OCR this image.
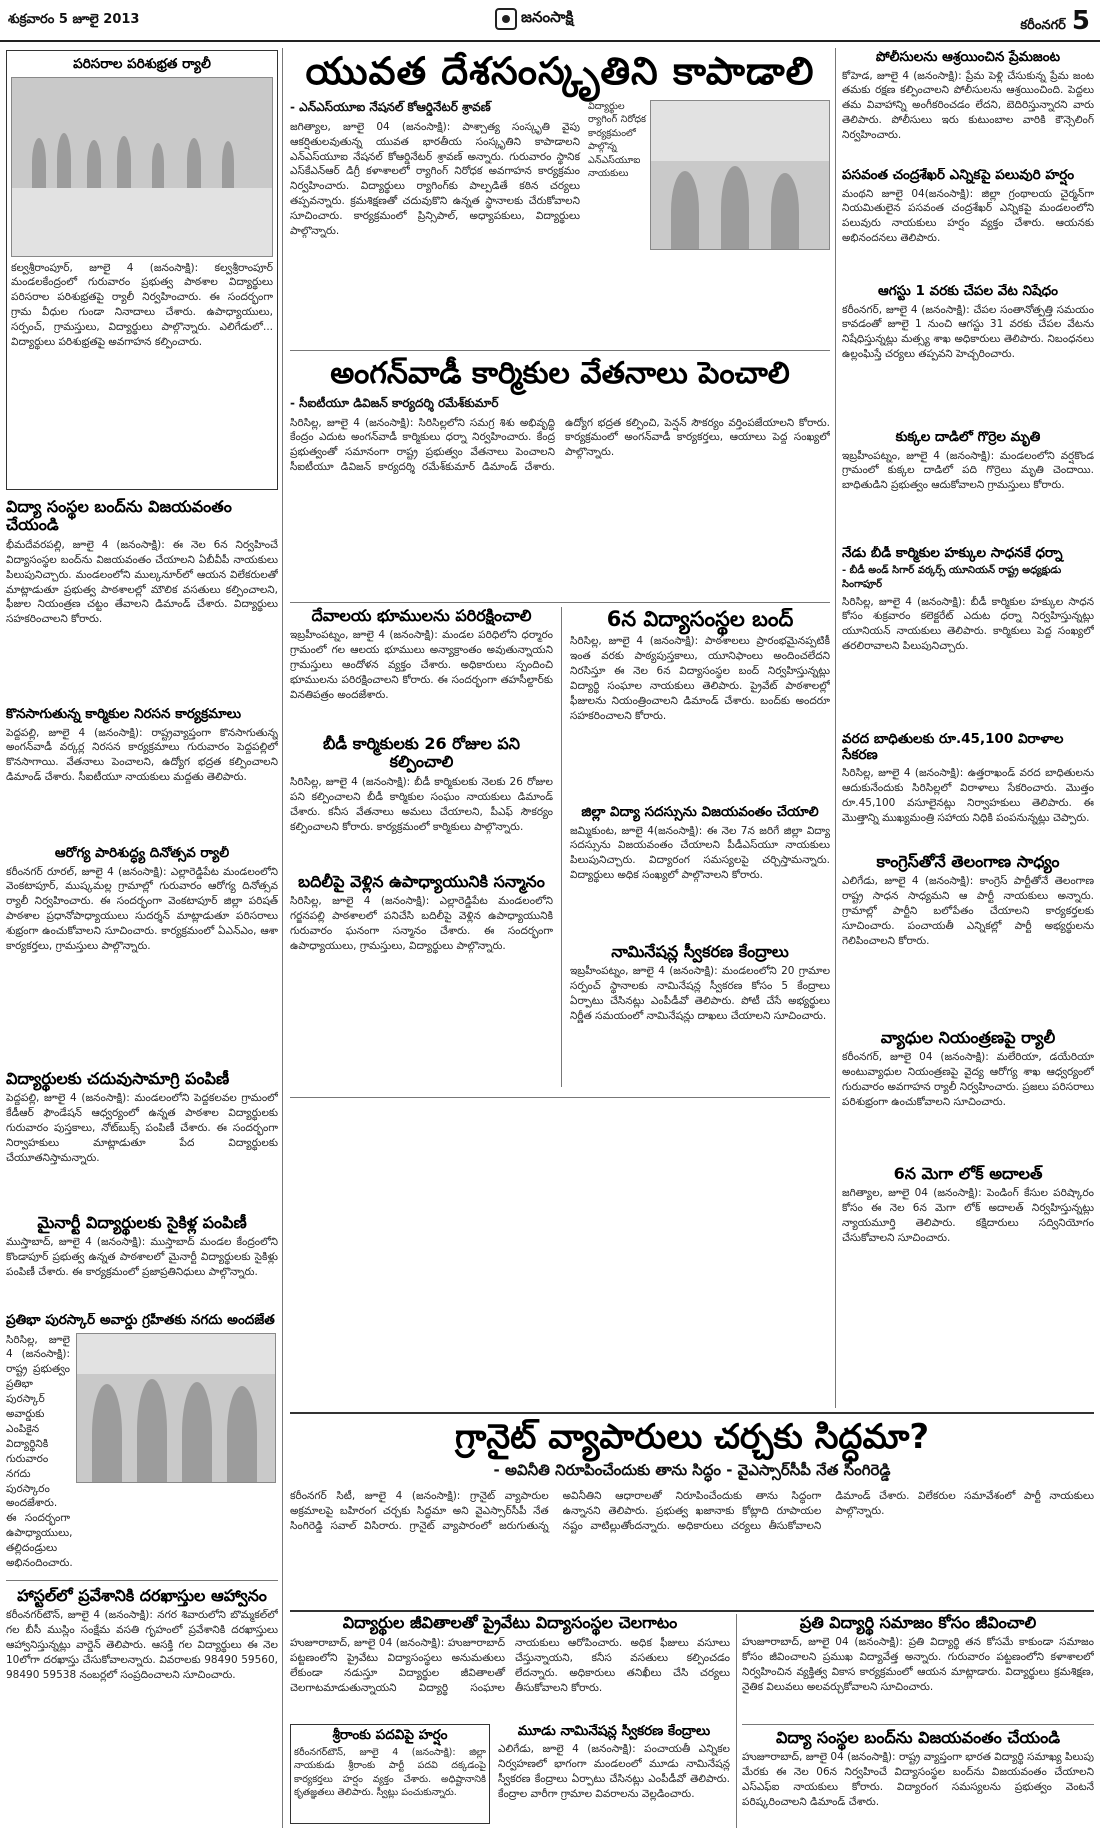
శుక్రవారం 5 జూలై 2013	జనంసాక్షి	కరీంనగర్ 5
పరిసరాల పరిశుభ్రత ర్యాలీ
కల్వశ్రీరాంపూర్, జూలై 4 (జనంసాక్షి): కల్వశ్రీరాంపూర్ మండలకేంద్రంలో గురువారం ప్రభుత్వ పాఠశాల విద్యార్థులు పరిసరాల పరిశుభ్రతపై ర్యాలీ నిర్వహించారు. ఈ సందర్భంగా గ్రామ వీధుల గుండా నినాదాలు చేశారు. ఉపాధ్యాయులు, సర్పంచ్, గ్రామస్తులు, విద్యార్థులు పాల్గొన్నారు. ఎలిగేడులో... విద్యార్థులు పరిశుభ్రతపై అవగాహన కల్పించారు.
విద్యా సంస్థల బంద్‌ను విజయవంతం చేయండి
భీమదేవరపల్లి, జూలై 4 (జనంసాక్షి): ఈ నెల 6న నిర్వహించే విద్యాసంస్థల బంద్‌ను విజయవంతం చేయాలని ఏబీవీపీ నాయకులు పిలుపునిచ్చారు. మండలంలోని ముల్కనూర్‌లో ఆయన విలేకరులతో మాట్లాడుతూ ప్రభుత్వ పాఠశాలల్లో మౌలిక వసతులు కల్పించాలని, ఫీజుల నియంత్రణ చట్టం తేవాలని డిమాండ్ చేశారు. విద్యార్థులు సహకరించాలని కోరారు.
కొనసాగుతున్న కార్మికుల నిరసన కార్యక్రమాలు
పెద్దపల్లి, జూలై 4 (జనంసాక్షి): రాష్ట్రవ్యాప్తంగా కొనసాగుతున్న అంగన్‌వాడీ వర్కర్ల నిరసన కార్యక్రమాలు గురువారం పెద్దపల్లిలో కొనసాగాయి. వేతనాలు పెంచాలని, ఉద్యోగ భద్రత కల్పించాలని డిమాండ్ చేశారు. సీఐటీయూ నాయకులు మద్దతు తెలిపారు.
ఆరోగ్య పారిశుద్ధ్య దినోత్సవ ర్యాలీ
కరీంనగర్ రూరల్, జూలై 4 (జనంసాక్షి): ఎల్లారెడ్డిపేట మండలంలోని వెంకటాపూర్, ముష్కమల్ల గ్రామాల్లో గురువారం ఆరోగ్య దినోత్సవ ర్యాలీ నిర్వహించారు. ఈ సందర్భంగా వెంకటాపూర్ జిల్లా పరిషత్ పాఠశాల ప్రధానోపాధ్యాయులు సుదర్శన్ మాట్లాడుతూ పరిసరాలు శుభ్రంగా ఉంచుకోవాలని సూచించారు. కార్యక్రమంలో ఏఎన్ఎం, ఆశా కార్యకర్తలు, గ్రామస్తులు పాల్గొన్నారు.
విద్యార్థులకు చదువుసామాగ్రి పంపిణీ
పెద్దపల్లి, జూలై 4 (జనంసాక్షి): మండలంలోని పెద్దకలవల గ్రామంలో కేడీఆర్ ఫౌండేషన్ ఆధ్వర్యంలో ఉన్నత పాఠశాల విద్యార్థులకు గురువారం పుస్తకాలు, నోట్‌బుక్స్ పంపిణీ చేశారు. ఈ సందర్భంగా నిర్వాహకులు మాట్లాడుతూ పేద విద్యార్థులకు చేయూతనిస్తామన్నారు.
మైనార్టీ విద్యార్థులకు సైకిళ్ల పంపిణీ
ముస్తాబాద్, జూలై 4 (జనంసాక్షి): ముస్తాబాద్ మండల కేంద్రంలోని కొండాపూర్ ప్రభుత్వ ఉన్నత పాఠశాలలో మైనార్టీ విద్యార్థులకు సైకిళ్లు పంపిణీ చేశారు. ఈ కార్యక్రమంలో ప్రజాప్రతినిధులు పాల్గొన్నారు.
ప్రతిభా పురస్కార్ అవార్డు గ్రహీతకు నగదు అందజేత
సిరిసిల్ల, జూలై 4 (జనంసాక్షి): రాష్ట్ర ప్రభుత్వం ప్రతిభా పురస్కార్ అవార్డుకు ఎంపికైన విద్యార్థినికి గురువారం నగదు పురస్కారం అందజేశారు. ఈ సందర్భంగా ఉపాధ్యాయులు, తల్లిదండ్రులు అభినందించారు.
హాస్టల్‌లో ప్రవేశానికి దరఖాస్తుల ఆహ్వానం
కరీంనగర్‌టౌన్, జూలై 4 (జనంసాక్షి): నగర శివారులోని బొమ్మకల్‌లో గల బీసీ ముస్లిం సంక్షేమ వసతి గృహంలో ప్రవేశానికి దరఖాస్తులు ఆహ్వానిస్తున్నట్లు వార్డెన్ తెలిపారు. ఆసక్తి గల విద్యార్థులు ఈ నెల 10లోగా దరఖాస్తు చేసుకోవాలన్నారు. వివరాలకు 98490 59560, 98490 59538 నంబర్లలో సంప్రదించాలని సూచించారు.
యువత దేశసంస్కృతిని కాపాడాలి
- ఎన్ఎస్‌యూఐ నేషనల్ కోఆర్డినేటర్ శ్రావణ్
జగిత్యాల, జూలై 04 (జనంసాక్షి): పాశ్చాత్య సంస్కృతి వైపు ఆకర్షితులవుతున్న యువత భారతీయ సంస్కృతిని కాపాడాలని ఎన్ఎస్‌యూఐ నేషనల్ కోఆర్డినేటర్ శ్రావణ్ అన్నారు. గురువారం స్థానిక ఎస్‌కేఎన్‌ఆర్ డిగ్రీ కళాశాలలో ర్యాగింగ్ నిరోధక అవగాహన కార్యక్రమం నిర్వహించారు. విద్యార్థులు ర్యాగింగ్‌కు పాల్పడితే కఠిన చర్యలు తప్పవన్నారు. క్రమశిక్షణతో చదువుకొని ఉన్నత స్థానాలకు చేరుకోవాలని సూచించారు. కార్యక్రమంలో ప్రిన్సిపాల్, అధ్యాపకులు, విద్యార్థులు పాల్గొన్నారు.
విద్యార్థుల ర్యాగింగ్ నిరోధక కార్యక్రమంలో పాల్గొన్న ఎన్ఎస్‌యూఐ నాయకులు
అంగన్‌వాడీ కార్మికుల వేతనాలు పెంచాలి
- సీఐటీయూ డివిజన్ కార్యదర్శి రమేశ్‌కుమార్
సిరిసిల్ల, జూలై 4 (జనంసాక్షి): సిరిసిల్లలోని సమగ్ర శిశు అభివృద్ధి కేంద్రం ఎదుట అంగన్‌వాడీ కార్మికులు ధర్నా నిర్వహించారు. కేంద్ర ప్రభుత్వంతో సమానంగా రాష్ట్ర ప్రభుత్వం వేతనాలు పెంచాలని సీఐటీయూ డివిజన్ కార్యదర్శి రమేశ్‌కుమార్ డిమాండ్ చేశారు. ఉద్యోగ భద్రత కల్పించి, పెన్షన్ సౌకర్యం వర్తింపజేయాలని కోరారు. కార్యక్రమంలో అంగన్‌వాడీ కార్యకర్తలు, ఆయాలు పెద్ద సంఖ్యలో పాల్గొన్నారు.
దేవాలయ భూములను పరిరక్షించాలి
ఇబ్రహీంపట్నం, జూలై 4 (జనంసాక్షి): మండల పరిధిలోని ధర్మారం గ్రామంలో గల ఆలయ భూములు అన్యాక్రాంతం అవుతున్నాయని గ్రామస్తులు ఆందోళన వ్యక్తం చేశారు. అధికారులు స్పందించి భూములను పరిరక్షించాలని కోరారు. ఈ సందర్భంగా తహసీల్దార్‌కు వినతిపత్రం అందజేశారు.
బీడీ కార్మికులకు 26 రోజుల పని కల్పించాలి
సిరిసిల్ల, జూలై 4 (జనంసాక్షి): బీడీ కార్మికులకు నెలకు 26 రోజుల పని కల్పించాలని బీడీ కార్మికుల సంఘం నాయకులు డిమాండ్ చేశారు. కనీస వేతనాలు అమలు చేయాలని, పీఎఫ్ సౌకర్యం కల్పించాలని కోరారు. కార్యక్రమంలో కార్మికులు పాల్గొన్నారు.
బదిలీపై వెళ్లిన ఉపాధ్యాయునికి సన్మానం
సిరిసిల్ల, జూలై 4 (జనంసాక్షి): ఎల్లారెడ్డిపేట మండలంలోని గర్జనపల్లి పాఠశాలలో పనిచేసి బదిలీపై వెళ్లిన ఉపాధ్యాయునికి గురువారం ఘనంగా సన్మానం చేశారు. ఈ సందర్భంగా ఉపాధ్యాయులు, గ్రామస్తులు, విద్యార్థులు పాల్గొన్నారు.
6న విద్యాసంస్థల బంద్
సిరిసిల్ల, జూలై 4 (జనంసాక్షి): పాఠశాలలు ప్రారంభమైనప్పటికీ ఇంత వరకు పాఠ్యపుస్తకాలు, యూనిఫాంలు అందించలేదని నిరసిస్తూ ఈ నెల 6న విద్యాసంస్థల బంద్ నిర్వహిస్తున్నట్లు విద్యార్థి సంఘాల నాయకులు తెలిపారు. ప్రైవేట్ పాఠశాలల్లో ఫీజులను నియంత్రించాలని డిమాండ్ చేశారు. బంద్‌కు అందరూ సహకరించాలని కోరారు.
జిల్లా విద్యా సదస్సును విజయవంతం చేయాలి
జమ్మికుంట, జూలై 4(జనంసాక్షి): ఈ నెల 7న జరిగే జిల్లా విద్యా సదస్సును విజయవంతం చేయాలని పీడీఎస్‌యూ నాయకులు పిలుపునిచ్చారు. విద్యారంగ సమస్యలపై చర్చిస్తామన్నారు. విద్యార్థులు అధిక సంఖ్యలో పాల్గొనాలని కోరారు.
నామినేషన్ల స్వీకరణ కేంద్రాలు
ఇబ్రహీంపట్నం, జూలై 4 (జనంసాక్షి): మండలంలోని 20 గ్రామాల సర్పంచ్ స్థానాలకు నామినేషన్ల స్వీకరణ కోసం 5 కేంద్రాలు ఏర్పాటు చేసినట్లు ఎంపీడీవో తెలిపారు. పోటీ చేసే అభ్యర్థులు నిర్ణీత సమయంలో నామినేషన్లు దాఖలు చేయాలని సూచించారు.
పోలీసులను ఆశ్రయించిన ప్రేమజంట
కోహెడ, జూలై 4 (జనంసాక్షి): ప్రేమ పెళ్లి చేసుకున్న ప్రేమ జంట తమకు రక్షణ కల్పించాలని పోలీసులను ఆశ్రయించింది. పెద్దలు తమ వివాహాన్ని అంగీకరించడం లేదని, బెదిరిస్తున్నారని వారు తెలిపారు. పోలీసులు ఇరు కుటుంబాల వారికి కౌన్సెలింగ్ నిర్వహించారు.
పసవంత చంద్రశేఖర్ ఎన్నికపై పలువురి హర్షం
మంథని జూలై 04(జనంసాక్షి): జిల్లా గ్రంథాలయ చైర్మన్‌గా నియమితులైన పసవంత చంద్రశేఖర్ ఎన్నికపై మండలంలోని పలువురు నాయకులు హర్షం వ్యక్తం చేశారు. ఆయనకు అభినందనలు తెలిపారు.
ఆగస్టు 1 వరకు చేపల వేట నిషేధం
కరీంనగర్, జూలై 4 (జనంసాక్షి): చేపల సంతానోత్పత్తి సమయం కావడంతో జూలై 1 నుంచి ఆగస్టు 31 వరకు చేపల వేటను నిషేధిస్తున్నట్లు మత్స్య శాఖ అధికారులు తెలిపారు. నిబంధనలు ఉల్లంఘిస్తే చర్యలు తప్పవని హెచ్చరించారు.
కుక్కల దాడిలో గొర్రెల మృతి
ఇబ్రహీంపట్నం, జూలై 4 (జనంసాక్షి): మండలంలోని వర్షకొండ గ్రామంలో కుక్కల దాడిలో పది గొర్రెలు మృతి చెందాయి. బాధితుడిని ప్రభుత్వం ఆదుకోవాలని గ్రామస్తులు కోరారు.
నేడు బీడీ కార్మికుల హక్కుల సాధనకే ధర్నా
- బీడీ అండ్ సిగార్ వర్కర్స్ యూనియన్ రాష్ట్ర అధ్యక్షుడు సింగాపూర్
సిరిసిల్ల, జూలై 4 (జనంసాక్షి): బీడీ కార్మికుల హక్కుల సాధన కోసం శుక్రవారం కలెక్టరేట్ ఎదుట ధర్నా నిర్వహిస్తున్నట్లు యూనియన్ నాయకులు తెలిపారు. కార్మికులు పెద్ద సంఖ్యలో తరలిరావాలని పిలుపునిచ్చారు.
వరద బాధితులకు రూ.45,100 విరాళాల సేకరణ
సిరిసిల్ల, జూలై 4 (జనంసాక్షి): ఉత్తరాఖండ్ వరద బాధితులను ఆదుకునేందుకు సిరిసిల్లలో విరాళాలు సేకరించారు. మొత్తం రూ.45,100 వసూలైనట్లు నిర్వాహకులు తెలిపారు. ఈ మొత్తాన్ని ముఖ్యమంత్రి సహాయ నిధికి పంపనున్నట్లు చెప్పారు.
కాంగ్రెస్‌తోనే తెలంగాణ సాధ్యం
ఎలిగేడు, జూలై 4 (జనంసాక్షి): కాంగ్రెస్ పార్టీతోనే తెలంగాణ రాష్ట్ర సాధన సాధ్యమని ఆ పార్టీ నాయకులు అన్నారు. గ్రామాల్లో పార్టీని బలోపేతం చేయాలని కార్యకర్తలకు సూచించారు. పంచాయతీ ఎన్నికల్లో పార్టీ అభ్యర్థులను గెలిపించాలని కోరారు.
వ్యాధుల నియంత్రణపై ర్యాలీ
కరీంనగర్, జూలై 04 (జనంసాక్షి): మలేరియా, డయేరియా అంటువ్యాధుల నియంత్రణపై వైద్య ఆరోగ్య శాఖ ఆధ్వర్యంలో గురువారం అవగాహన ర్యాలీ నిర్వహించారు. ప్రజలు పరిసరాలు పరిశుభ్రంగా ఉంచుకోవాలని సూచించారు.
6న మెగా లోక్ అదాలత్
జగిత్యాల, జూలై 04 (జనంసాక్షి): పెండింగ్ కేసుల పరిష్కారం కోసం ఈ నెల 6న మెగా లోక్ అదాలత్ నిర్వహిస్తున్నట్లు న్యాయమూర్తి తెలిపారు. కక్షిదారులు సద్వినియోగం చేసుకోవాలని సూచించారు.
గ్రానైట్ వ్యాపారులు చర్చకు సిద్ధమా?
- అవినీతి నిరూపించేందుకు తాను సిద్ధం - వైఎస్సార్‌సీపీ నేత సింగిరెడ్డి
కరీంనగర్ సిటీ, జూలై 4 (జనంసాక్షి): గ్రానైట్ వ్యాపారుల అక్రమాలపై బహిరంగ చర్చకు సిద్ధమా అని వైఎస్సార్‌సీపీ నేత సింగిరెడ్డి సవాల్ విసిరారు. గ్రానైట్ వ్యాపారంలో జరుగుతున్న అవినీతిని ఆధారాలతో నిరూపించేందుకు తాను సిద్ధంగా ఉన్నానని తెలిపారు. ప్రభుత్వ ఖజానాకు కోట్లాది రూపాయల నష్టం వాటిల్లుతోందన్నారు. అధికారులు చర్యలు తీసుకోవాలని డిమాండ్ చేశారు. విలేకరుల సమావేశంలో పార్టీ నాయకులు పాల్గొన్నారు.
విద్యార్థుల జీవితాలతో ప్రైవేటు విద్యాసంస్థల చెలగాటం
హుజూరాబాద్, జూలై 04 (జనంసాక్షి): హుజూరాబాద్ పట్టణంలోని ప్రైవేటు విద్యాసంస్థలు అనుమతులు లేకుండా నడుస్తూ విద్యార్థుల జీవితాలతో చెలగాటమాడుతున్నాయని విద్యార్థి సంఘాల నాయకులు ఆరోపించారు. అధిక ఫీజులు వసూలు చేస్తున్నాయని, కనీస వసతులు కల్పించడం లేదన్నారు. అధికారులు తనిఖీలు చేసి చర్యలు తీసుకోవాలని కోరారు.
శ్రీరాంకు పదవిపై హర్షం
కరీంనగర్‌టౌన్, జూలై 4 (జనంసాక్షి): జిల్లా నాయకుడు శ్రీరాంకు పార్టీ పదవి దక్కడంపై కార్యకర్తలు హర్షం వ్యక్తం చేశారు. అధిష్టానానికి కృతజ్ఞతలు తెలిపారు. స్వీట్లు పంచుకున్నారు.
మూడు నామినేషన్ల స్వీకరణ కేంద్రాలు
ఎలిగేడు, జూలై 4 (జనంసాక్షి): పంచాయతీ ఎన్నికల నిర్వహణలో భాగంగా మండలంలో మూడు నామినేషన్ల స్వీకరణ కేంద్రాలు ఏర్పాటు చేసినట్లు ఎంపీడీవో తెలిపారు. కేంద్రాల వారీగా గ్రామాల వివరాలను వెల్లడించారు.
ప్రతి విద్యార్థి సమాజం కోసం జీవించాలి
హుజూరాబాద్, జూలై 04 (జనంసాక్షి): ప్రతి విద్యార్థి తన కోసమే కాకుండా సమాజం కోసం జీవించాలని ప్రముఖ విద్యావేత్త అన్నారు. గురువారం పట్టణంలోని కళాశాలలో నిర్వహించిన వ్యక్తిత్వ వికాస కార్యక్రమంలో ఆయన మాట్లాడారు. విద్యార్థులు క్రమశిక్షణ, నైతిక విలువలు అలవర్చుకోవాలని సూచించారు.
విద్యా సంస్థల బంద్‌ను విజయవంతం చేయండి
హుజూరాబాద్, జూలై 04 (జనంసాక్షి): రాష్ట్ర వ్యాప్తంగా భారత విద్యార్థి సమాఖ్య పిలుపు మేరకు ఈ నెల 06న నిర్వహించే విద్యాసంస్థల బంద్‌ను విజయవంతం చేయాలని ఎస్ఎఫ్ఐ నాయకులు కోరారు. విద్యారంగ సమస్యలను ప్రభుత్వం వెంటనే పరిష్కరించాలని డిమాండ్ చేశారు.
